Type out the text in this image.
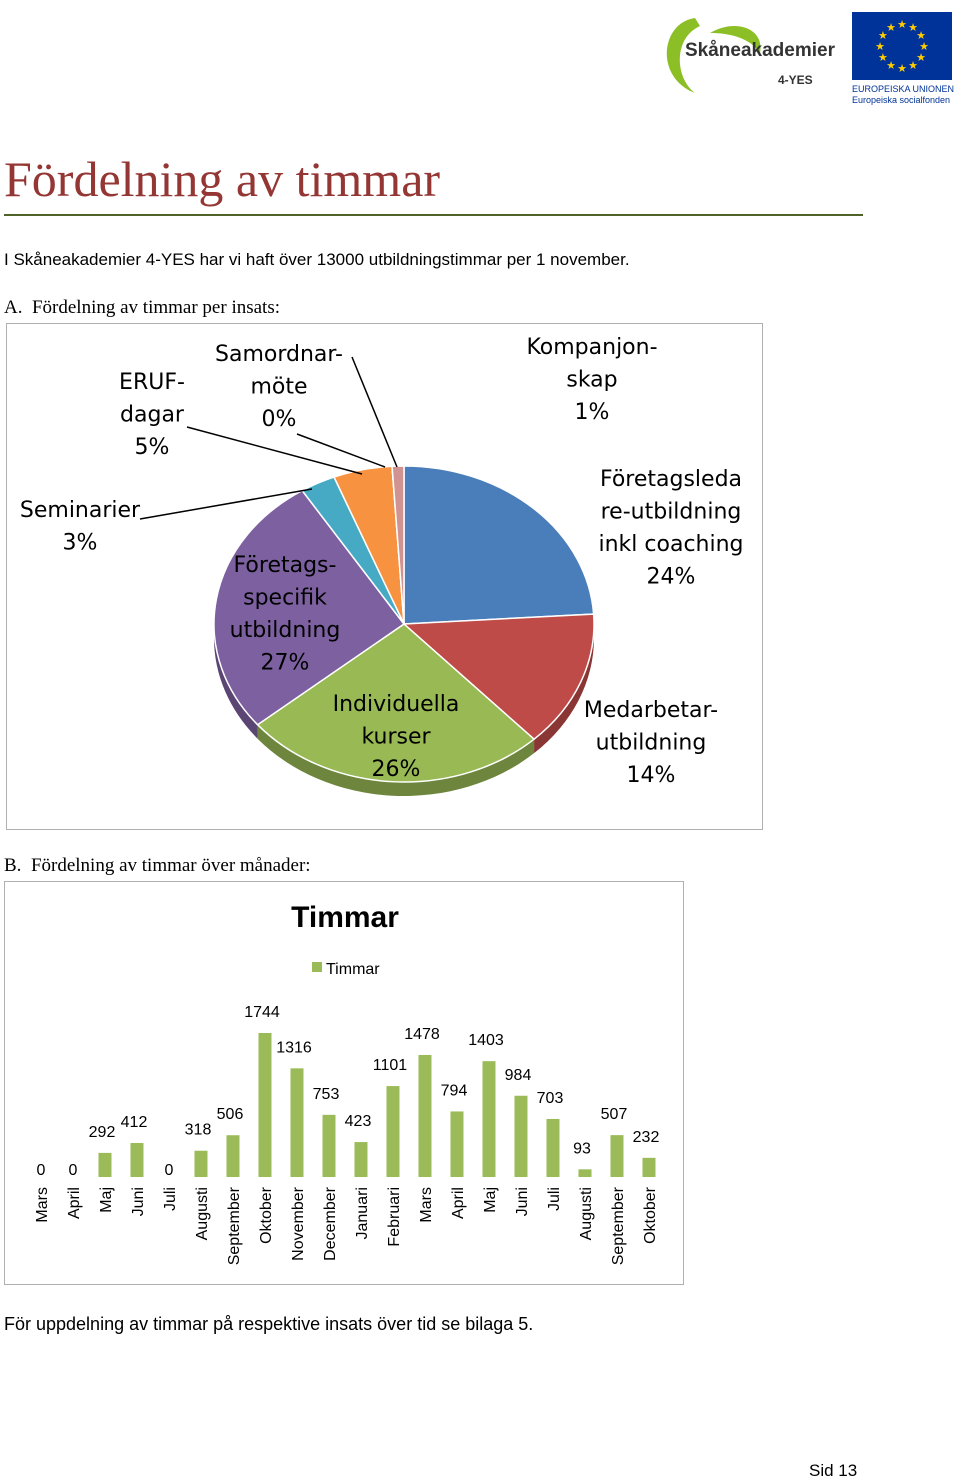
Skåneakademier
4-YES
★ ★
★
★
★
★
★
★
★
★
★
★
EUROPEISKA UNIONEN
Europeiska socialfonden
Fördelning av timmar
I Skåneakademier 4-YES har vi haft över 13000 utbildningstimmar per 1 november.
A. Fördelning av timmar per insats:
Företagsleda re-utbildning inkl coaching 24%
Medarbetar-utbildning 14%
Individuella kurser 26%
Företags-specifik utbildning 27%
Seminarier 3%
ERUF-dagar 5%
Samordnar-möte 0%
Kompanjon-skap 1%
B. Fördelning av timmar över månader:
Timmar
Timmar
0
Mars
0
April
292
Maj
412
Juni
0
Juli
318
Augusti
506
September
1744
Oktober
1316
November
753
December
423
Januari
1101
Februari
1478
Mars
794
April
1403
Maj
984
Juni
703
Juli
93
Augusti
507
September
232
Oktober
För uppdelning av timmar på respektive insats över tid se bilaga 5.
Sid 13
